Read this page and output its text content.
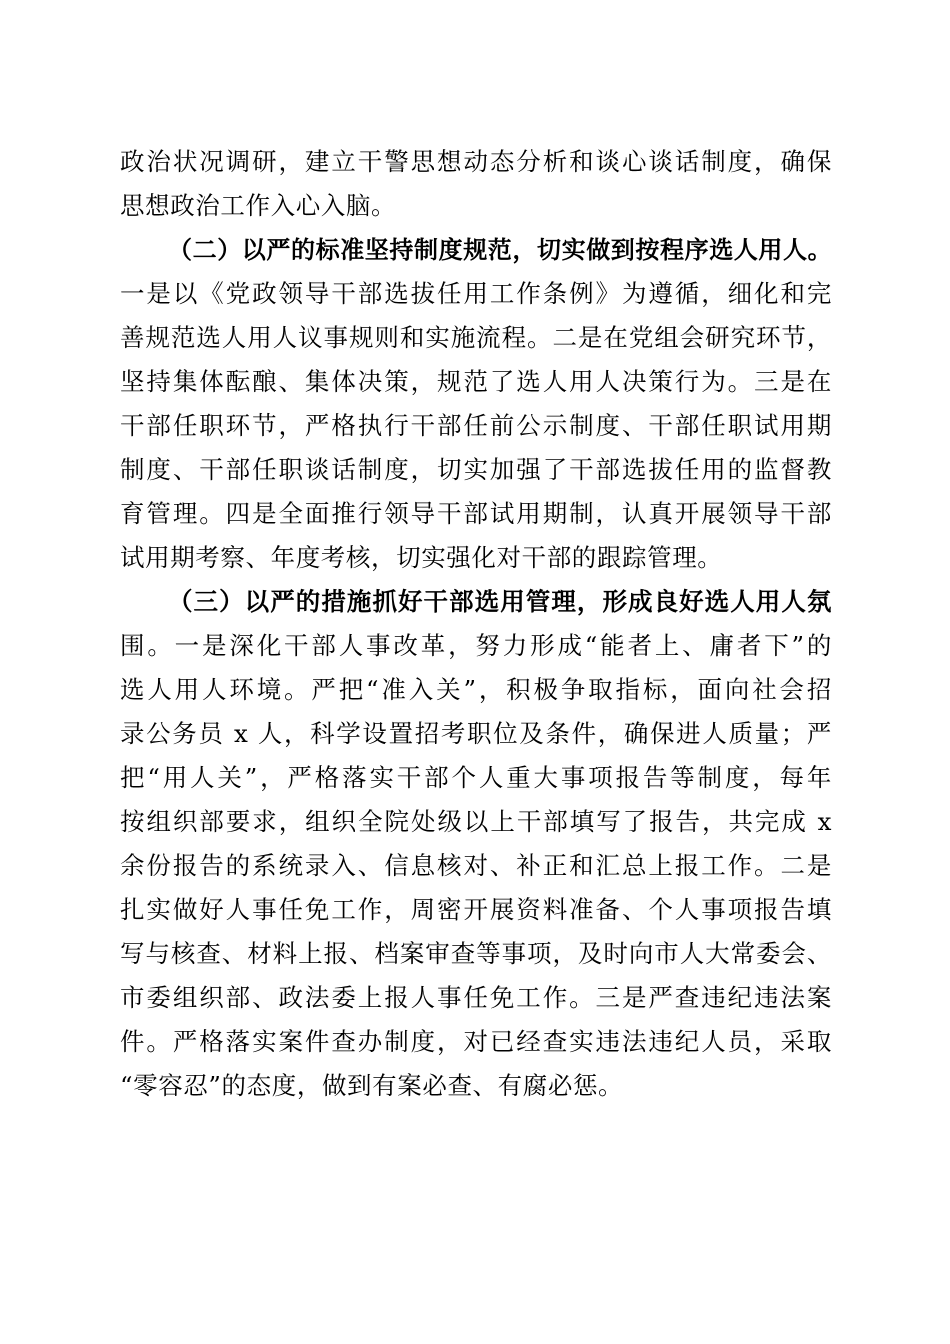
政治状况调研，建立干警思想动态分析和谈心谈话制度，确保
思想政治工作入心入脑。
（二）以严的标准坚持制度规范，切实做到按程序选人用人。
一是以《党政领导干部选拔任用工作条例》为遵循，细化和完
善规范选人用人议事规则和实施流程。二是在党组会研究环节，
坚持集体酝酿、集体决策，规范了选人用人决策行为。三是在
干部任职环节，严格执行干部任前公示制度、干部任职试用期
制度、干部任职谈话制度，切实加强了干部选拔任用的监督教
育管理。四是全面推行领导干部试用期制，认真开展领导干部
试用期考察、年度考核，切实强化对干部的跟踪管理。
（三）以严的措施抓好干部选用管理，形成良好选人用人氛
围。一是深化干部人事改革，努力形成“能者上、庸者下”的
选人用人环境。严把“准入关”，积极争取指标，面向社会招
录公务员 x 人，科学设置招考职位及条件，确保进人质量；严
把“用人关”，严格落实干部个人重大事项报告等制度，每年
按组织部要求，组织全院处级以上干部填写了报告，共完成 x
余份报告的系统录入、信息核对、补正和汇总上报工作。二是
扎实做好人事任免工作，周密开展资料准备、个人事项报告填
写与核查、材料上报、档案审查等事项，及时向市人大常委会、
市委组织部、政法委上报人事任免工作。三是严查违纪违法案
件。严格落实案件查办制度，对已经查实违法违纪人员，采取
“零容忍”的态度，做到有案必查、有腐必惩。
